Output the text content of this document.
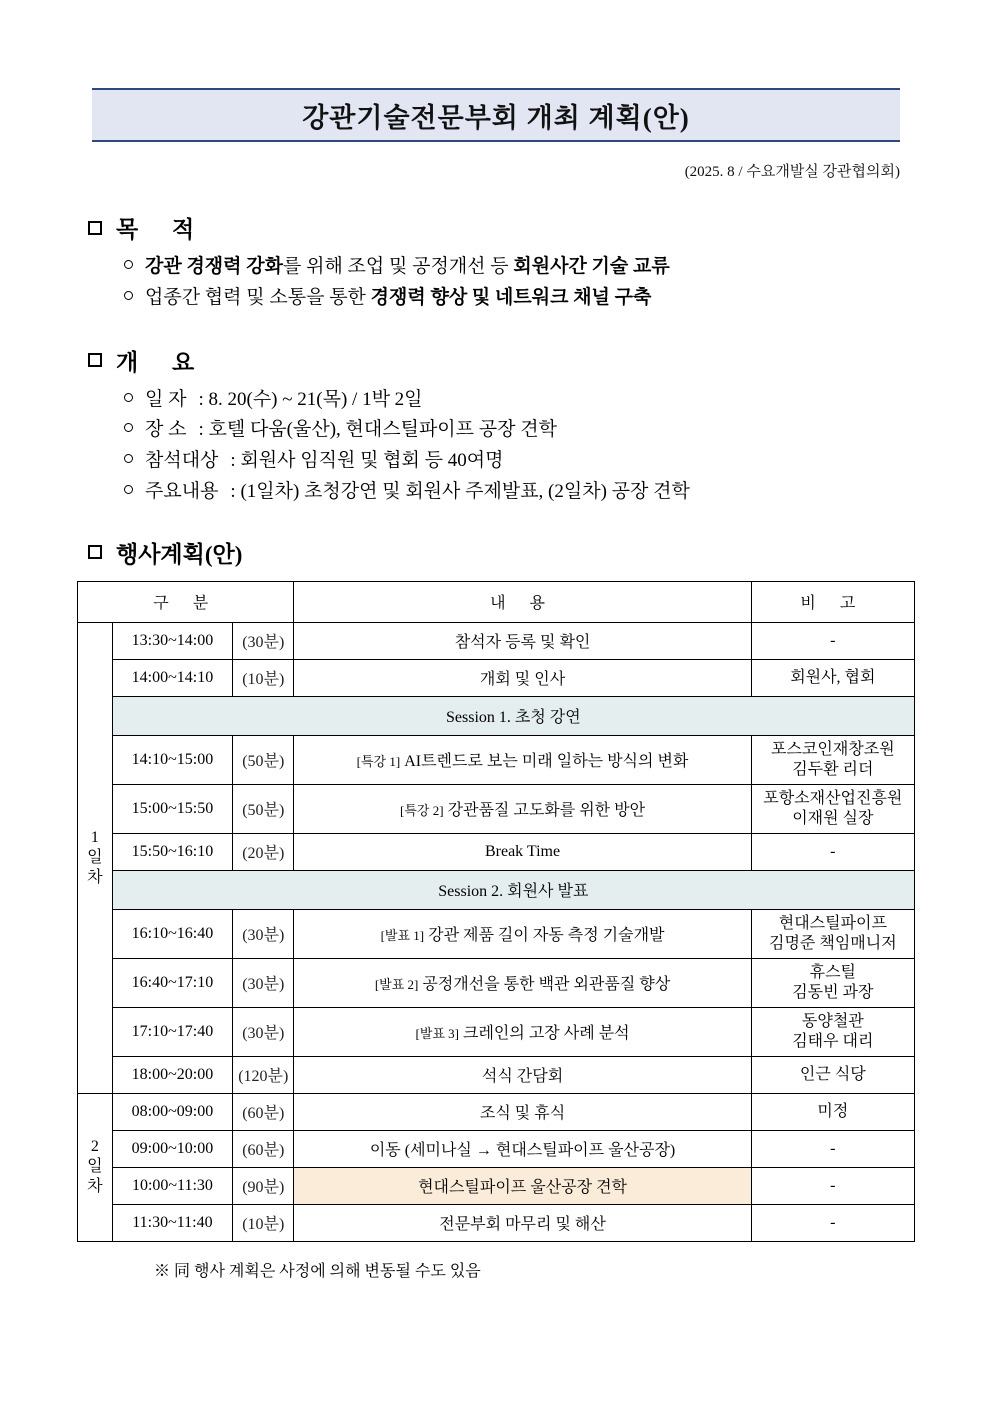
강관기술전문부회 개최 계획(안)
(2025. 8 / 수요개발실 강관협의회)
목 적
강관 경쟁력 강화를 위해 조업 및 공정개선 등 회원사간 기술 교류
업종간 협력 및 소통을 통한 경쟁력 향상 및 네트워크 채널 구축
개 요
일 자 : 8. 20(수) ~ 21(목) / 1박 2일
장 소 : 호텔 다움(울산), 현대스틸파이프 공장 견학
참석대상 : 회원사 임직원 및 협회 등 40여명
주요내용 : (1일차) 초청강연 및 회원사 주제발표, (2일차) 공장 견학
행사계획(안)
구 분			내 용	비 고
1
일
차	13:30~14:00	(30분)	참석자 등록 및 확인	-
	14:00~14:10	(10분)	개회 및 인사	회원사, 협회
	Session 1. 초청 강연			
	14:10~15:00	(50분)	[특강 1] AI트렌드로 보는 미래 일하는 방식의 변화	포스코인재창조원
김두환 리더
	15:00~15:50	(50분)	[특강 2] 강관품질 고도화를 위한 방안	포항소재산업진흥원
이재원 실장
	15:50~16:10	(20분)	Break Time	-
	Session 2. 회원사 발표			
	16:10~16:40	(30분)	[발표 1] 강관 제품 길이 자동 측정 기술개발	현대스틸파이프
김명준 책임매니저
	16:40~17:10	(30분)	[발표 2] 공정개선을 통한 백관 외관품질 향상	휴스틸
김동빈 과장
	17:10~17:40	(30분)	[발표 3] 크레인의 고장 사례 분석	동양철관
김태우 대리
	18:00~20:00	(120분)	석식 간담회	인근 식당
2
일
차	08:00~09:00	(60분)	조식 및 휴식	미정
	09:00~10:00	(60분)	이동 (세미나실 → 현대스틸파이프 울산공장)	-
	10:00~11:30	(90분)	현대스틸파이프 울산공장 견학	-
	11:30~11:40	(10분)	전문부회 마무리 및 해산	-
※ 同 행사 계획은 사정에 의해 변동될 수도 있음
